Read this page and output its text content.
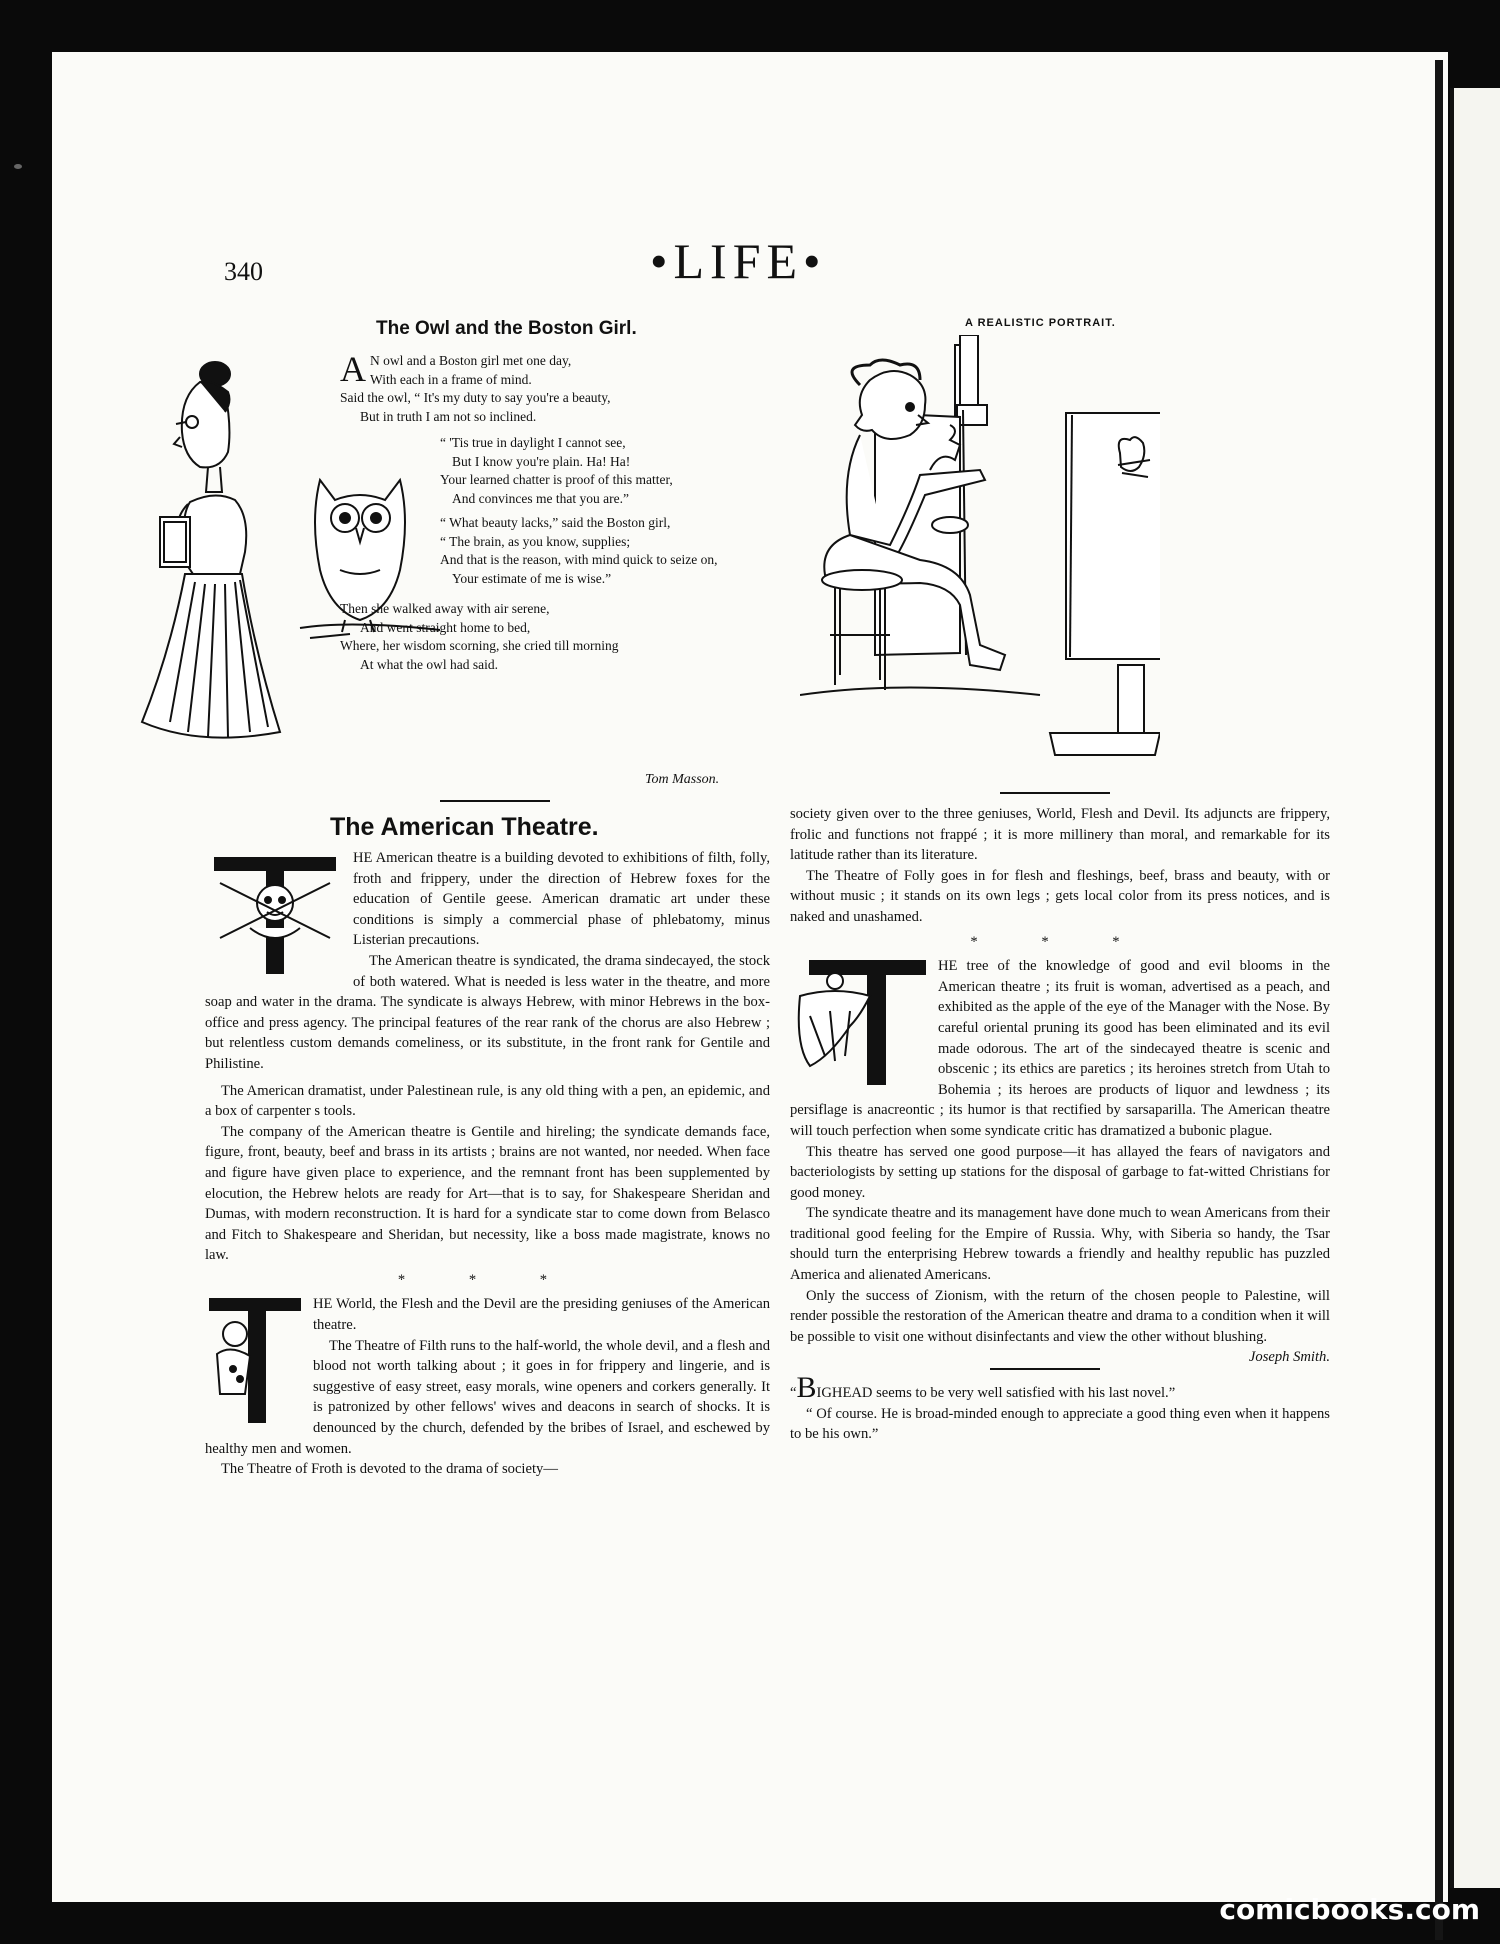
340	•LIFE•
The Owl and the Boston Girl.
A N owl and a Boston girl met one day,
With each in a frame of mind.
Said the owl, “ It's my duty to say you're a beauty,
But in truth I am not so inclined.
“ 'Tis true in daylight I cannot see,
But I know you're plain. Ha! Ha!
Your learned chatter is proof of this matter,
And convinces me that you are.”
“ What beauty lacks,” said the Boston girl,
“ The brain, as you know, supplies;
And that is the reason, with mind quick to seize on,
Your estimate of me is wise.”
Then she walked away with air serene,
And went straight home to bed,
Where, her wisdom scorning, she cried till morning
At what the owl had said.
Tom Masson.
A REALISTIC PORTRAIT.
The American Theatre.

HE American theatre is a building devoted to exhibitions of filth, folly, froth and frippery, under the direction of Hebrew foxes for the education of Gentile geese. American dramatic art under these conditions is simply a commercial phase of phlebatomy, minus Listerian precautions.

The American theatre is syndicated, the drama sindecayed, the stock of both watered. What is needed is less water in the theatre, and more soap and water in the drama. The syndicate is always Hebrew, with minor Hebrews in the box-office and press agency. The principal features of the rear rank of the chorus are also Hebrew ; but relentless custom demands comeliness, or its substitute, in the front rank for Gentile and Philistine.

The American dramatist, under Palestinean rule, is any old thing with a pen, an epidemic, and a box of carpenter s tools.

The company of the American theatre is Gentile and hireling; the syndicate demands face, figure, front, beauty, beef and brass in its artists ; brains are not wanted, nor needed. When face and figure have given place to experience, and the remnant front has been supplemented by elocution, the Hebrew helots are ready for Art—that is to say, for Shakespeare Sheridan and Dumas, with modern reconstruction. It is hard for a syndicate star to come down from Belasco and Fitch to Shakespeare and Sheridan, but necessity, like a boss made magistrate, knows no law.

* * *

HE World, the Flesh and the Devil are the presiding geniuses of the American theatre.

The Theatre of Filth runs to the half-world, the whole devil, and a flesh and blood not worth talking about ; it goes in for frippery and lingerie, and is suggestive of easy street, easy morals, wine openers and corkers generally. It is patronized by other fellows' wives and deacons in search of shocks. It is denounced by the church, defended by the bribes of Israel, and eschewed by healthy men and women.

The Theatre of Froth is devoted to the drama of society—

society given over to the three geniuses, World, Flesh and Devil. Its adjuncts are frippery, frolic and functions not frappé ; it is more millinery than moral, and remarkable for its latitude rather than its literature.

The Theatre of Folly goes in for flesh and fleshings, beef, brass and beauty, with or without music ; it stands on its own legs ; gets local color from its press notices, and is naked and unashamed.

* * *

HE tree of the knowledge of good and evil blooms in the American theatre ; its fruit is woman, advertised as a peach, and exhibited as the apple of the eye of the Manager with the Nose. By careful oriental pruning its good has been eliminated and its evil made odorous. The art of the sindecayed theatre is scenic and obscenic ; its ethics are paretics ; its heroines stretch from Utah to Bohemia ; its heroes are products of liquor and lewdness ; its persiflage is anacreontic ; its humor is that rectified by sarsaparilla. The American theatre will touch perfection when some syndicate critic has dramatized a bubonic plague.

This theatre has served one good purpose—it has allayed the fears of navigators and bacteriologists by setting up stations for the disposal of garbage to fat-witted Christians for good money.

The syndicate theatre and its management have done much to wean Americans from their traditional good feeling for the Empire of Russia. Why, with Siberia so handy, the Tsar should turn the enterprising Hebrew towards a friendly and healthy republic has puzzled America and alienated Americans.

Only the success of Zionism, with the return of the chosen people to Palestine, will render possible the restoration of the American theatre and drama to a condition when it will be possible to visit one without disinfectants and view the other without blushing.

Joseph Smith.

“BIGHEAD seems to be very well satisfied with his last novel.”

“ Of course. He is broad-minded enough to appreciate a good thing even when it happens to be his own.”

comicbooks.com
